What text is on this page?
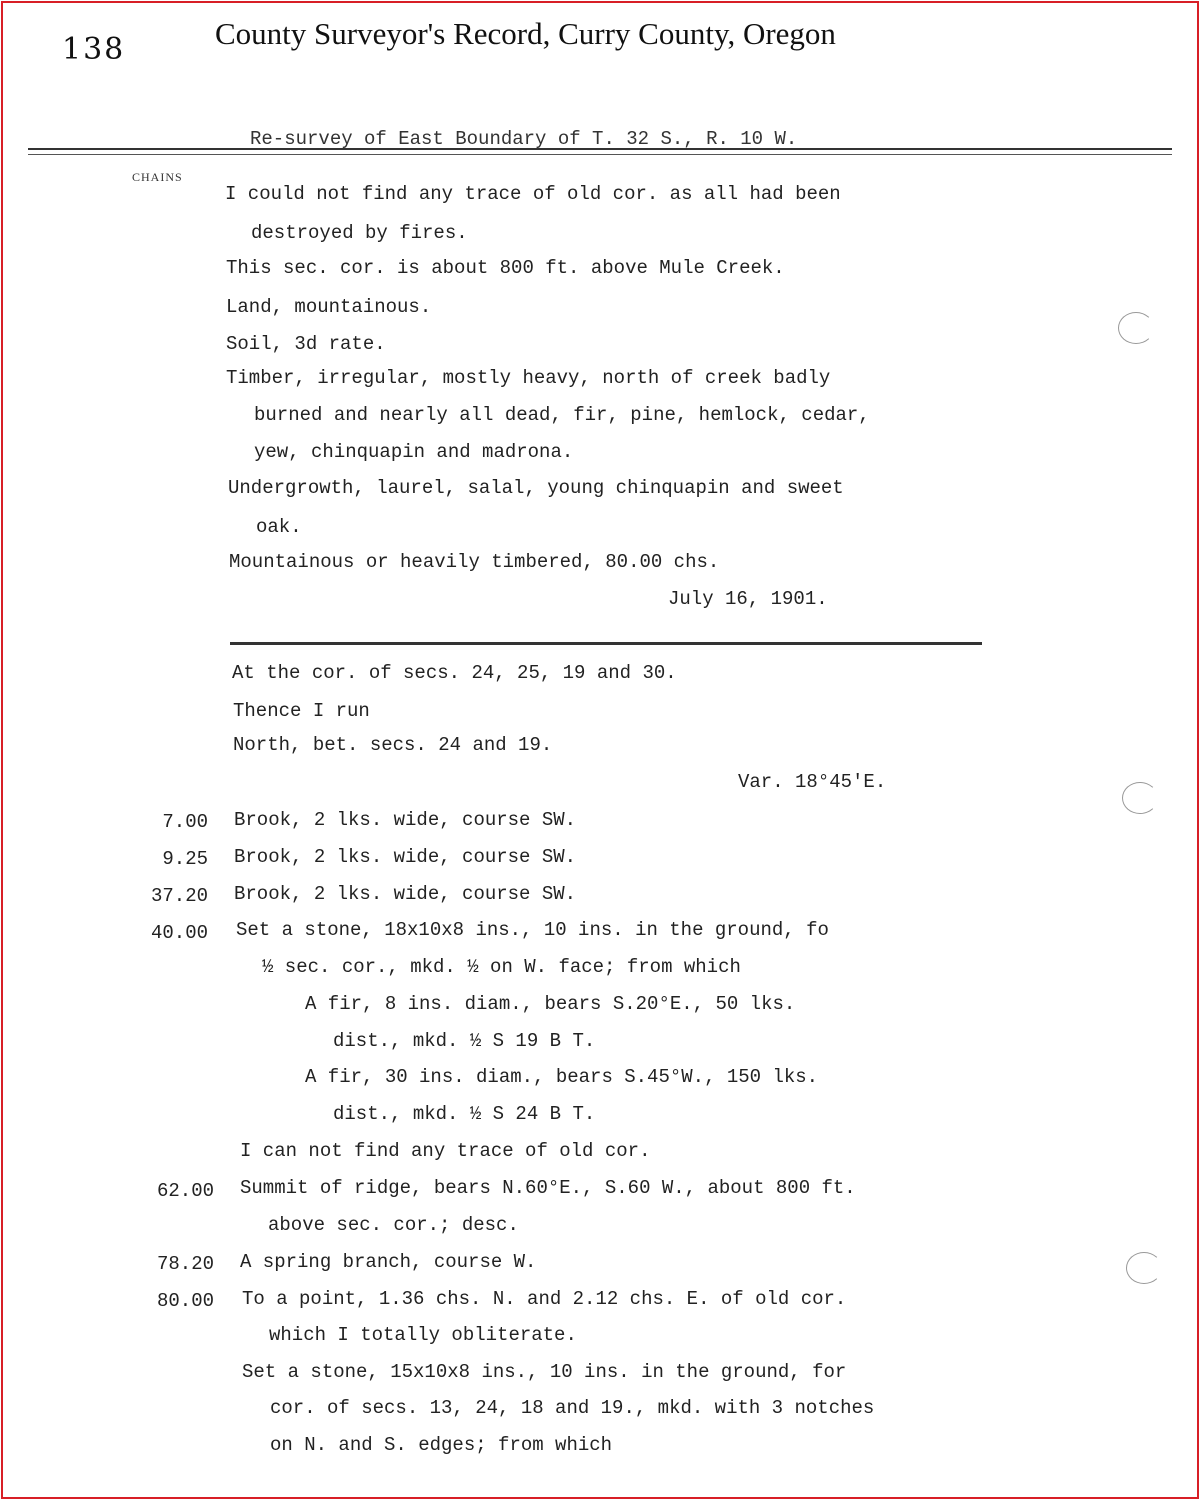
138	County Surveyor's Record, Curry County, Oregon
Re-survey of East Boundary of T. 32 S., R. 10 W.
CHAINS
I could not find any trace of old cor. as all had been
destroyed by fires.
This sec. cor. is about 800 ft. above Mule Creek.
Land, mountainous.
Soil, 3d rate.
Timber, irregular, mostly heavy, north of creek badly
burned and nearly all dead, fir, pine, hemlock, cedar,
yew, chinquapin and madrona.
Undergrowth, laurel, salal, young chinquapin and sweet
oak.
Mountainous or heavily timbered, 80.00 chs.
July 16, 1901.
At the cor. of secs. 24, 25, 19 and 30.
Thence I run
North, bet. secs. 24 and 19.
Var. 18°45'E.
7.00 Brook, 2 lks. wide, course SW.
9.25 Brook, 2 lks. wide, course SW.
37.20 Brook, 2 lks. wide, course SW.
40.00 Set a stone, 18x10x8 ins., 10 ins. in the ground, fo
½ sec. cor., mkd. ½ on W. face; from which
A fir, 8 ins. diam., bears S.20°E., 50 lks.
dist., mkd. ½ S 19 B T.
A fir, 30 ins. diam., bears S.45°W., 150 lks.
dist., mkd. ½ S 24 B T.
I can not find any trace of old cor.
62.00 Summit of ridge, bears N.60°E., S.60 W., about 800 ft.
above sec. cor.; desc.
78.20 A spring branch, course W.
80.00 To a point, 1.36 chs. N. and 2.12 chs. E. of old cor.
which I totally obliterate.
Set a stone, 15x10x8 ins., 10 ins. in the ground, for
cor. of secs. 13, 24, 18 and 19., mkd. with 3 notches
on N. and S. edges; from which
